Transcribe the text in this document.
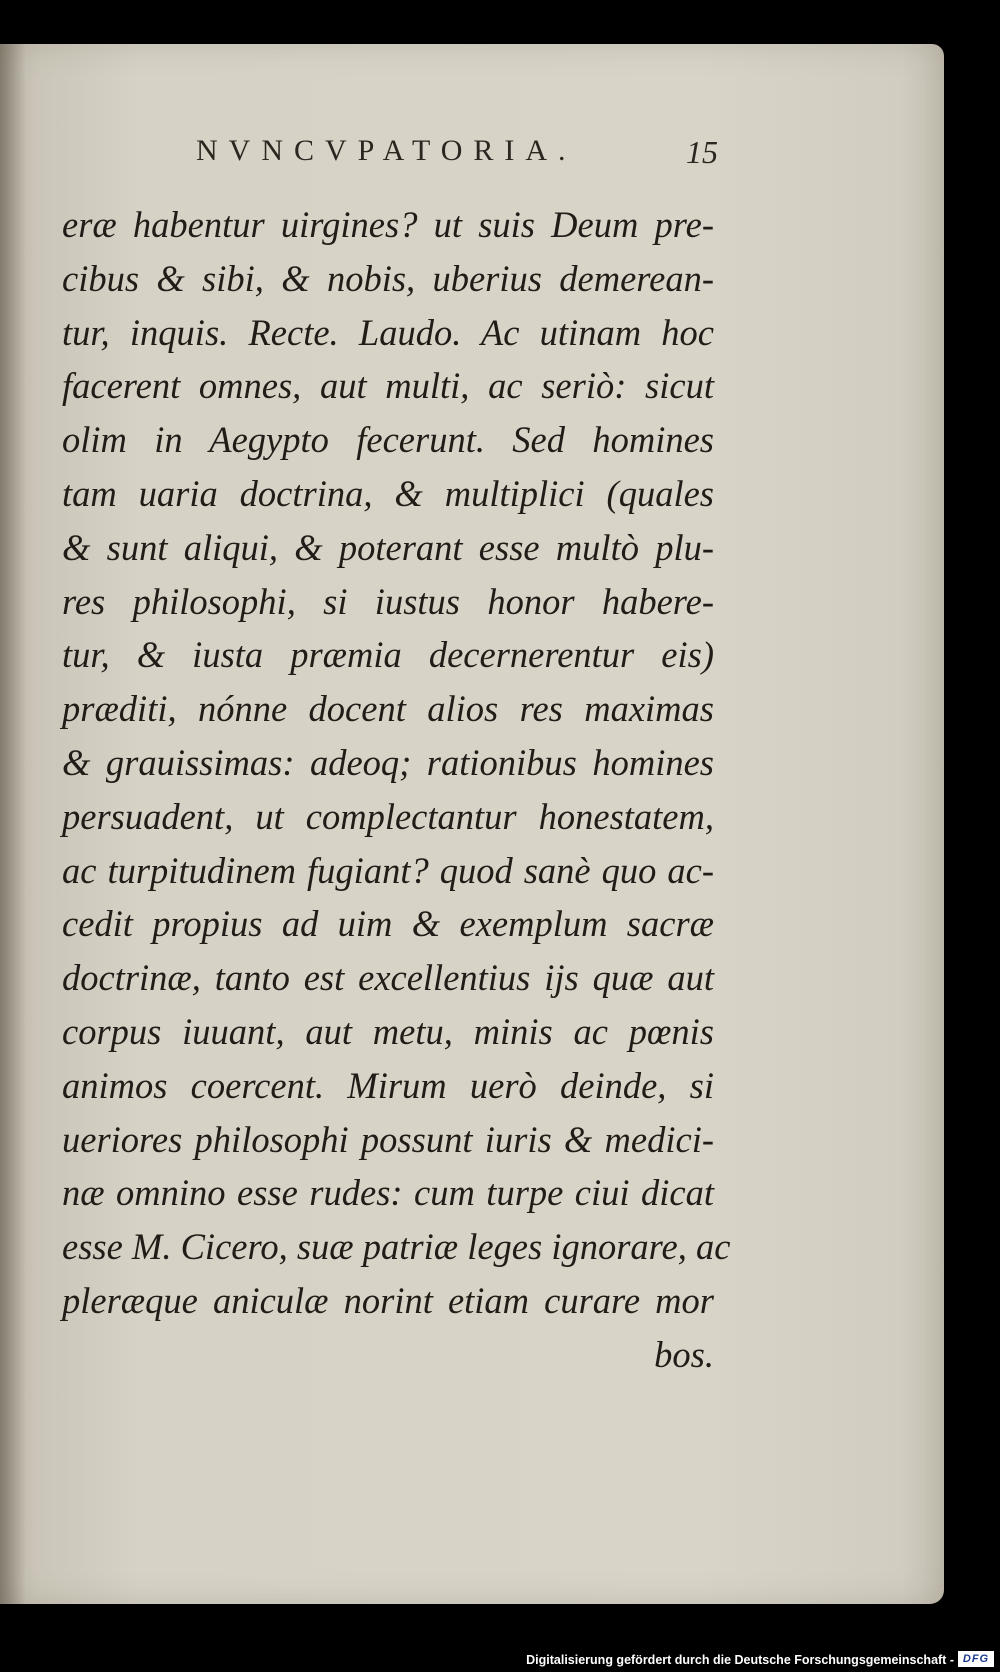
NVNCVPATORIA.	15
eræ habentur uirgines? ut suis Deum pre-
cibus & sibi, & nobis, uberius demerean-
tur, inquis. Recte. Laudo. Ac utinam hoc
facerent omnes, aut multi, ac seriò: sicut
olim in Aegypto fecerunt. Sed homines
tam uaria doctrina, & multiplici (quales
& sunt aliqui, & poterant esse multò plu-
res philosophi, si iustus honor habere-
tur, & iusta præmia decernerentur eis)
præditi, nónne docent alios res maximas
& grauissimas: adeoq; rationibus homines
persuadent, ut complectantur honestatem,
ac turpitudinem fugiant? quod sanè quo ac-
cedit propius ad uim & exemplum sacræ
doctrinæ, tanto est excellentius ijs quæ aut
corpus iuuant, aut metu, minis ac pœnis
animos coercent. Mirum uerò deinde, si
ueriores philosophi possunt iuris & medici-
næ omnino esse rudes: cum turpe ciui dicat
esse M. Cicero, suæ patriæ leges ignorare, ac
pleræque aniculæ norint etiam curare mor
bos.
Digitalisierung gefördert durch die Deutsche Forschungsgemeinschaft - DFG
